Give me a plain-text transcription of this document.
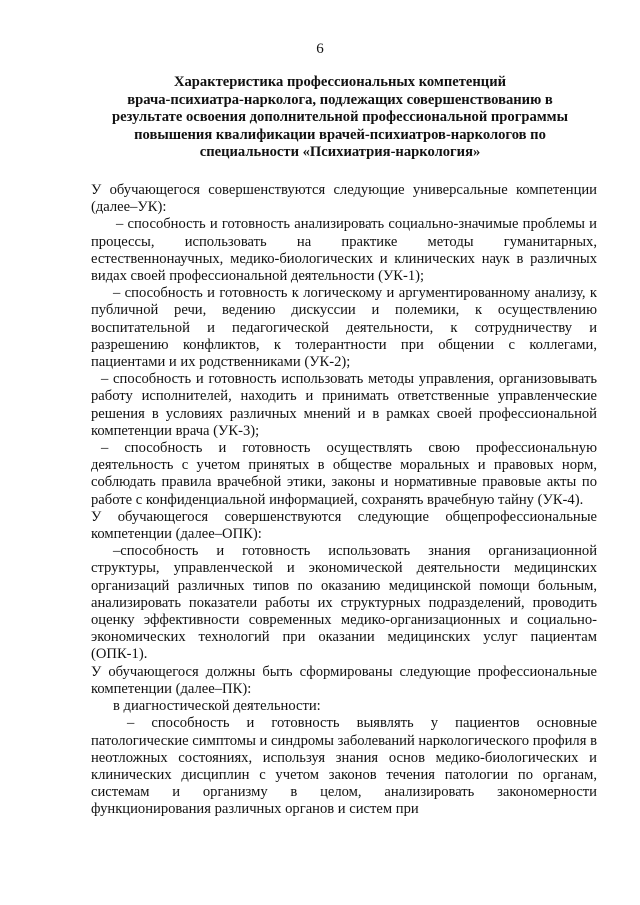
6
Характеристика профессиональных компетенций
врача-психиатра-нарколога, подлежащих совершенствованию в
результате освоения дополнительной профессиональной программы
повышения квалификации врачей-психиатров-наркологов по
специальности «Психиатрия-наркология»

У обучающегося совершенствуются следующие универсальные компетенции (далее–УК):

– способность и готовность анализировать социально-значимые проблемы и процессы, использовать на практике методы гуманитарных, естественнонаучных, медико-биологических и клинических наук в различных видах своей профессиональной деятельности (УК-1);

– способность и готовность к логическому и аргументированному анализу, к публичной речи, ведению дискуссии и полемики, к осуществлению воспитательной и педагогической деятельности, к сотрудничеству и разрешению конфликтов, к толерантности при общении с коллегами, пациентами и их родственниками (УК-2);

– способность и готовность использовать методы управления, организовывать работу исполнителей, находить и принимать ответственные управленческие решения в условиях различных мнений и в рамках своей профессиональной компетенции врача (УК-3);

– способность и готовность осуществлять свою профессиональную деятельность с учетом принятых в обществе моральных и правовых норм, соблюдать правила врачебной этики, законы и нормативные правовые акты по работе с конфиденциальной информацией, сохранять врачебную тайну (УК-4).

У обучающегося совершенствуются следующие общепрофессиональные компетенции (далее–ОПК):

–способность и готовность использовать знания организационной структуры, управленческой и экономической деятельности медицинских организаций различных типов по оказанию медицинской помощи больным, анализировать показатели работы их структурных подразделений, проводить оценку эффективности современных медико-организационных и социально-экономических технологий при оказании медицинских услуг пациентам (ОПК-1).

У обучающегося должны быть сформированы следующие профессиональные компетенции (далее–ПК):

в диагностической деятельности:

– способность и готовность выявлять у пациентов основные патологические симптомы и синдромы заболеваний наркологического профиля в неотложных состояниях, используя знания основ медико-биологических и клинических дисциплин с учетом законов течения патологии по органам, системам и организму в целом, анализировать закономерности функционирования различных органов и систем при
